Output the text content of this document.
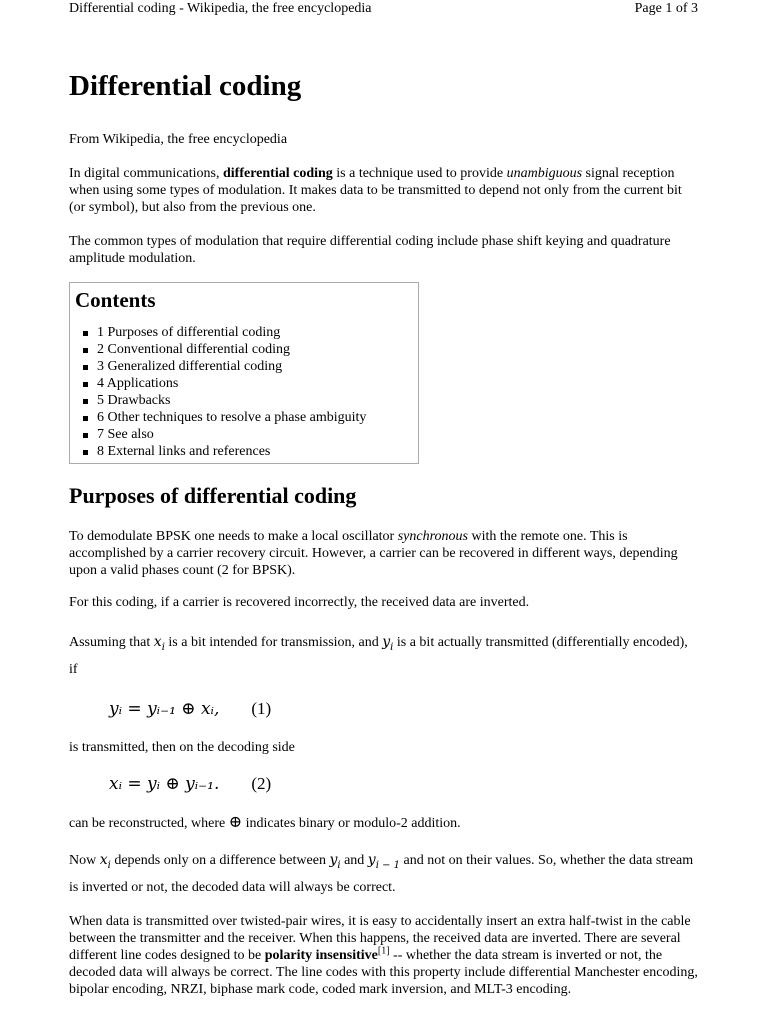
Differential coding - Wikipedia, the free encyclopedia	Page 1 of 3
Differential coding

From Wikipedia, the free encyclopedia

In digital communications, differential coding is a technique used to provide unambiguous signal reception when using some types of modulation. It makes data to be transmitted to depend not only from the current bit (or symbol), but also from the previous one.

The common types of modulation that require differential coding include phase shift keying and quadrature amplitude modulation.

Contents
1 Purposes of differential coding
2 Conventional differential coding
3 Generalized differential coding
4 Applications
5 Drawbacks
6 Other techniques to resolve a phase ambiguity
7 See also
8 External links and references
Purposes of differential coding

To demodulate BPSK one needs to make a local oscillator synchronous with the remote one. This is accomplished by a carrier recovery circuit. However, a carrier can be recovered in different ways, depending upon a valid phases count (2 for BPSK).

For this coding, if a carrier is recovered incorrectly, the received data are inverted.

Assuming that $x_i$ is a bit intended for transmission, and $y_i$ is a bit actually transmitted (differentially encoded), if

yᵢ = yᵢ₋₁ ⊕ xᵢ, (1)

is transmitted, then on the decoding side

xᵢ = yᵢ ⊕ yᵢ₋₁. (2)

can be reconstructed, where ⊕ indicates binary or modulo-2 addition.

Now $x_i$ depends only on a difference between $y_i$ and $y_{i - 1}$ and not on their values. So, whether the data stream is inverted or not, the decoded data will always be correct.

When data is transmitted over twisted-pair wires, it is easy to accidentally insert an extra half-twist in the cable between the transmitter and the receiver. When this happens, the received data are inverted. There are several different line codes designed to be polarity insensitive[1] -- whether the data stream is inverted or not, the decoded data will always be correct. The line codes with this property include differential Manchester encoding, bipolar encoding, NRZI, biphase mark code, coded mark inversion, and MLT-3 encoding.
